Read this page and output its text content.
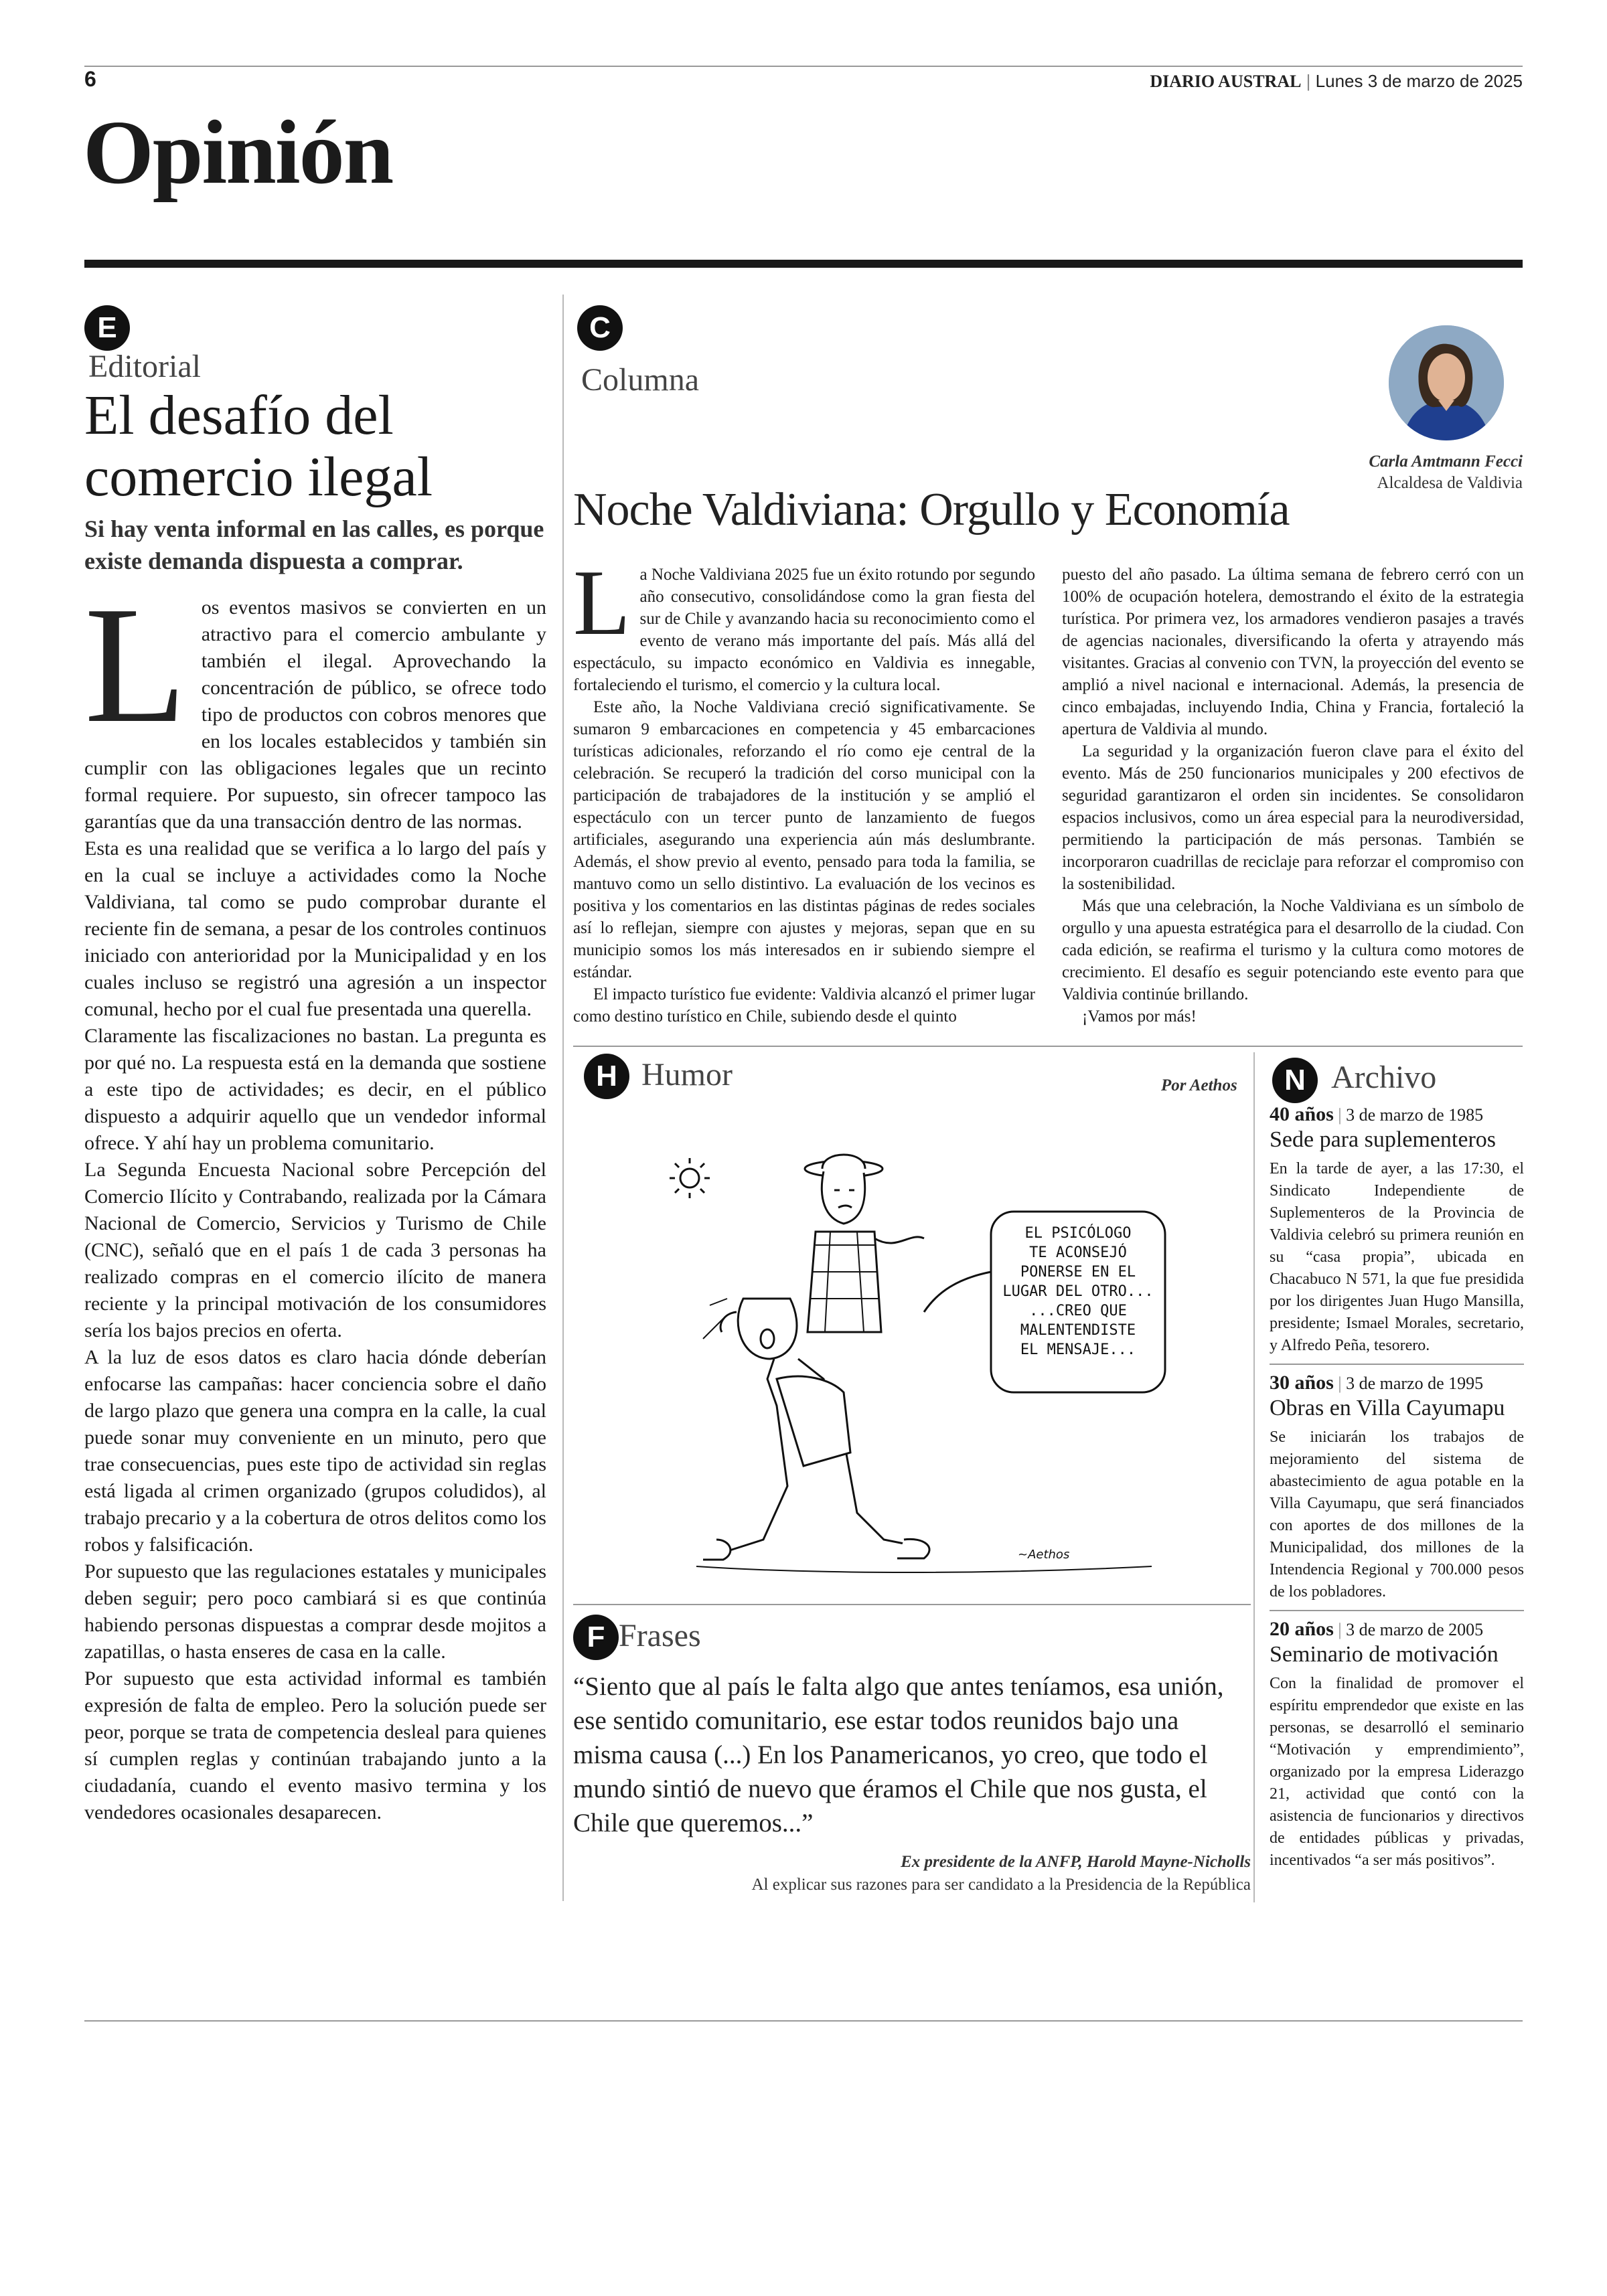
6	DIARIO AUSTRAL | Lunes 3 de marzo de 2025
Opinión
E
Editorial
El desafío del comercio ilegal
Si hay venta informal en las calles, es porque existe demanda dispuesta a comprar.
L os eventos masivos se convierten en un atractivo para el comercio ambulante y también el ilegal. Aprovechando la concentración de público, se ofrece todo tipo de productos con cobros menores que en los locales establecidos y también sin cumplir con las obligaciones legales que un recinto formal requiere. Por supuesto, sin ofrecer tampoco las garantías que da una transacción dentro de las normas.

Esta es una realidad que se verifica a lo largo del país y en la cual se incluye a actividades como la Noche Valdiviana, tal como se pudo comprobar durante el reciente fin de semana, a pesar de los controles continuos iniciado con anterioridad por la Municipalidad y en los cuales incluso se registró una agresión a un inspector comunal, hecho por el cual fue presentada una querella.

Claramente las fiscalizaciones no bastan. La pregunta es por qué no. La respuesta está en la demanda que sostiene a este tipo de actividades; es decir, en el público dispuesto a adquirir aquello que un vendedor informal ofrece. Y ahí hay un problema comunitario.

La Segunda Encuesta Nacional sobre Percepción del Comercio Ilícito y Contrabando, realizada por la Cámara Nacional de Comercio, Servicios y Turismo de Chile (CNC), señaló que en el país 1 de cada 3 personas ha realizado compras en el comercio ilícito de manera reciente y la principal motivación de los consumidores sería los bajos precios en oferta.

A la luz de esos datos es claro hacia dónde deberían enfocarse las campañas: hacer conciencia sobre el daño de largo plazo que genera una compra en la calle, la cual puede sonar muy conveniente en un minuto, pero que trae consecuencias, pues este tipo de actividad sin reglas está ligada al crimen organizado (grupos coludidos), al trabajo precario y a la cobertura de otros delitos como los robos y falsificación.

Por supuesto que las regulaciones estatales y municipales deben seguir; pero poco cambiará si es que continúa habiendo personas dispuestas a comprar desde mojitos a zapatillas, o hasta enseres de casa en la calle.

Por supuesto que esta actividad informal es también expresión de falta de empleo. Pero la solución puede ser peor, porque se trata de competencia desleal para quienes sí cumplen reglas y continúan trabajando junto a la ciudadanía, cuando el evento masivo termina y los vendedores ocasionales desaparecen.

C
Columna
Carla Amtmann Fecci
Alcaldesa de Valdivia
Noche Valdiviana: Orgullo y Economía
L a Noche Valdiviana 2025 fue un éxito rotundo por segundo año consecutivo, consolidándose como la gran fiesta del sur de Chile y avanzando hacia su reconocimiento como el evento de verano más importante del país. Más allá del espectáculo, su impacto económico en Valdivia es innegable, fortaleciendo el turismo, el comercio y la cultura local.

Este año, la Noche Valdiviana creció significativamente. Se sumaron 9 embarcaciones en competencia y 45 embarcaciones turísticas adicionales, reforzando el río como eje central de la celebración. Se recuperó la tradición del corso municipal con la participación de trabajadores de la institución y se amplió el espectáculo con un tercer punto de lanzamiento de fuegos artificiales, asegurando una experiencia aún más deslumbrante. Además, el show previo al evento, pensado para toda la familia, se mantuvo como un sello distintivo. La evaluación de los vecinos es positiva y los comentarios en las distintas páginas de redes sociales así lo reflejan, siempre con ajustes y mejoras, sepan que en su municipio somos los más interesados en ir subiendo siempre el estándar.

El impacto turístico fue evidente: Valdivia alcanzó el primer lugar como destino turístico en Chile, subiendo desde el quinto

puesto del año pasado. La última semana de febrero cerró con un 100% de ocupación hotelera, demostrando el éxito de la estrategia turística. Por primera vez, los armadores vendieron pasajes a través de agencias nacionales, diversificando la oferta y atrayendo más visitantes. Gracias al convenio con TVN, la proyección del evento se amplió a nivel nacional e internacional. Además, la presencia de cinco embajadas, incluyendo India, China y Francia, fortaleció la apertura de Valdivia al mundo.

La seguridad y la organización fueron clave para el éxito del evento. Más de 250 funcionarios municipales y 200 efectivos de seguridad garantizaron el orden sin incidentes. Se consolidaron espacios inclusivos, como un área especial para la neurodiversidad, permitiendo la participación de más personas. También se incorporaron cuadrillas de reciclaje para reforzar el compromiso con la sostenibilidad.

Más que una celebración, la Noche Valdiviana es un símbolo de orgullo y una apuesta estratégica para el desarrollo de la ciudad. Con cada edición, se reafirma el turismo y la cultura como motores de crecimiento. El desafío es seguir potenciando este evento para que Valdivia continúe brillando.

¡Vamos por más!

H Humor	Por Aethos
~Aethos
EL PSICÓLOGO
TE ACONSEJÓ
PONERSE EN EL
LUGAR DEL OTRO...
...CREO QUE
MALENTENDISTE
EL MENSAJE...
F Frases
“Siento que al país le falta algo que antes teníamos, esa unión, ese sentido comunitario, ese estar todos reunidos bajo una misma causa (...) En los Panamericanos, yo creo, que todo el mundo sintió de nuevo que éramos el Chile que nos gusta, el Chile que queremos...”
Ex presidente de la ANFP, Harold Mayne-Nicholls
Al explicar sus razones para ser candidato a la Presidencia de la República
N Archivo
40 años | 3 de marzo de 1985
Sede para suplementeros
En la tarde de ayer, a las 17:30, el Sindicato Independiente de Suplementeros de la Provincia de Valdivia celebró su primera reunión en su “casa propia”, ubicada en Chacabuco N 571, la que fue presidida por los dirigentes Juan Hugo Mansilla, presidente; Ismael Morales, secretario, y Alfredo Peña, tesorero.
30 años | 3 de marzo de 1995
Obras en Villa Cayumapu
Se iniciarán los trabajos de mejoramiento del sistema de abastecimiento de agua potable en la Villa Cayumapu, que será financiados con aportes de dos millones de la Municipalidad, dos millones de la Intendencia Regional y 700.000 pesos de los pobladores.
20 años | 3 de marzo de 2005
Seminario de motivación
Con la finalidad de promover el espíritu emprendedor que existe en las personas, se desarrolló el seminario “Motivación y emprendimiento”, organizado por la empresa Liderazgo 21, actividad que contó con la asistencia de funcionarios y directivos de entidades públicas y privadas, incentivados “a ser más positivos”.
